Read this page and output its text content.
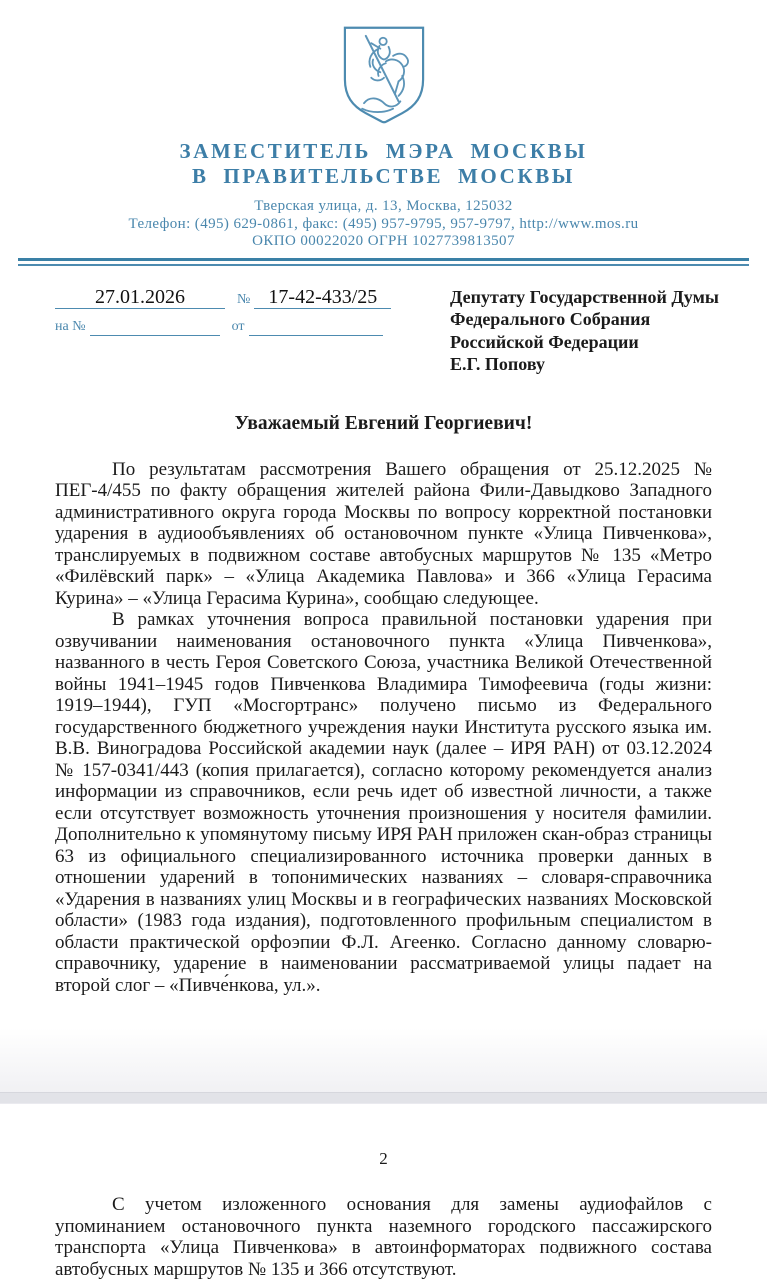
ЗАМЕСТИТЕЛЬ МЭРА МОСКВЫ
В ПРАВИТЕЛЬСТВЕ МОСКВЫ
Тверская улица, д. 13, Москва, 125032
Телефон: (495) 629-0861, факс: (495) 957-9795, 957-9797, http://www.mos.ru
ОКПО 00022020 ОГРН 1027739813507
27.01.2026	№ 17-42-433/25
на №	от
Депутату Государственной Думы
Федерального Собрания
Российской Федерации
Е.Г. Попову
Уважаемый Евгений Георгиевич!

По результатам рассмотрения Вашего обращения от 25.12.2025 № ПЕГ-4/455 по факту обращения жителей района Фили-Давыдково Западного административного округа города Москвы по вопросу корректной постановки ударения в аудиообъявлениях об остановочном пункте «Улица Пивченкова», транслируемых в подвижном составе автобусных маршрутов № 135 «Метро «Филёвский парк» – «Улица Академика Павлова» и 366 «Улица Герасима Курина» – «Улица Герасима Курина», сообщаю следующее.

В рамках уточнения вопроса правильной постановки ударения при озвучивании наименования остановочного пункта «Улица Пивченкова», названного в честь Героя Советского Союза, участника Великой Отечественной войны 1941–1945 годов Пивченкова Владимира Тимофеевича (годы жизни: 1919–1944), ГУП «Мосгортранс» получено письмо из Федерального государственного бюджетного учреждения науки Института русского языка им. В.В. Виноградова Российской академии наук (далее – ИРЯ РАН) от 03.12.2024 № 157-0341/443 (копия прилагается), согласно которому рекомендуется анализ информации из справочников, если речь идет об известной личности, а также если отсутствует возможность уточнения произношения у носителя фамилии. Дополнительно к упомянутому письму ИРЯ РАН приложен скан-образ страницы 63 из официального специализированного источника проверки данных в отношении ударений в топонимических названиях – словаря-справочника «Ударения в названиях улиц Москвы и в географических названиях Московской области» (1983 года издания), подготовленного профильным специалистом в области практической орфоэпии Ф.Л. Агеенко. Согласно данному словарю-справочнику, ударение в наименовании рассматриваемой улицы падает на второй слог – «Пивче́нкова, ул.».

2

С учетом изложенного основания для замены аудиофайлов с упоминанием остановочного пункта наземного городского пассажирского транспорта «Улица Пивченкова» в автоинформаторах подвижного состава автобусных маршрутов № 135 и 366 отсутствуют.
